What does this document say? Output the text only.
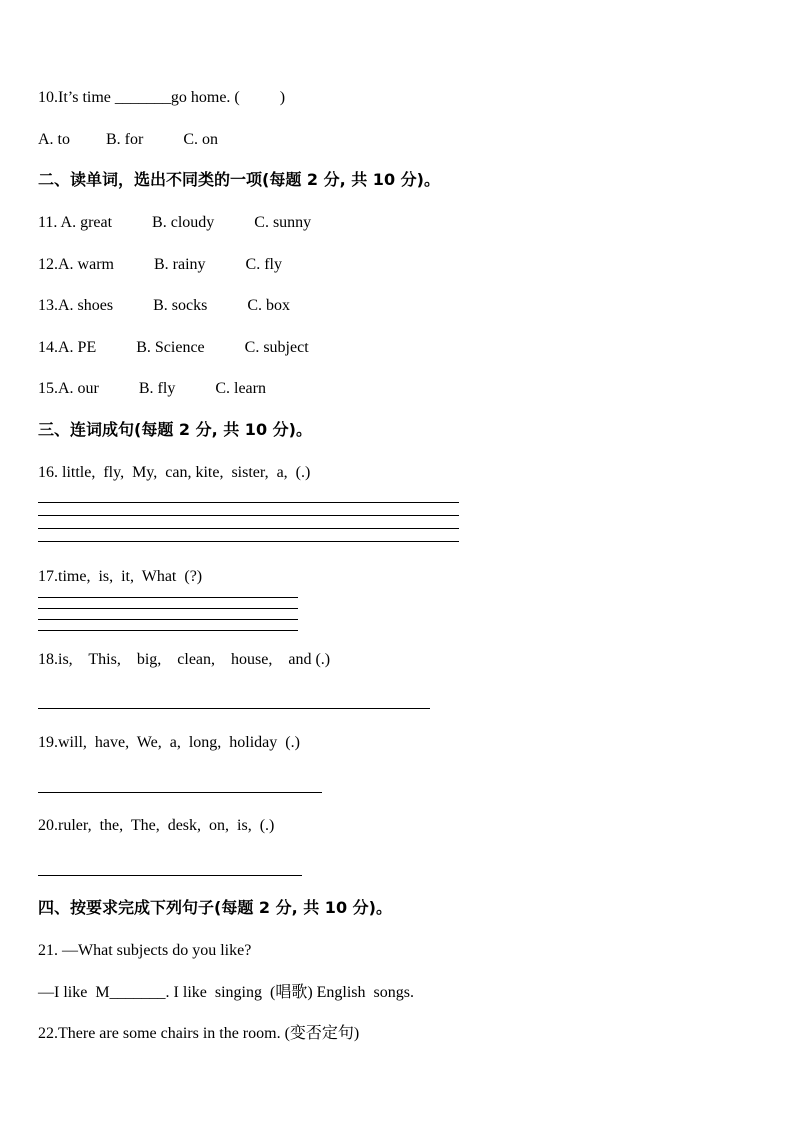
10.It’s time _______go home. (          )
A. to         B. for          C. on
二、读单词，选出不同类的一项(每题 2 分, 共 10 分)。
11. A. great          B. cloudy          C. sunny
12.A. warm          B. rainy          C. fly
13.A. shoes          B. socks          C. box
14.A. PE          B. Science          C. subject
15.A. our          B. fly          C. learn
三、连词成句(每题 2 分, 共 10 分)。
16. little,  fly,  My,  can, kite,  sister,  a,  (.)
17.time,  is,  it,  What  (?)
18.is,    This,    big,    clean,    house,    and (.)
19.will,  have,  We,  a,  long,  holiday  (.)
20.ruler,  the,  The,  desk,  on,  is,  (.)
四、按要求完成下列句子(每题 2 分, 共 10 分)。
21. —What subjects do you like?
—I like  M_______. I like  singing  (唱歌) English  songs.
22.There are some chairs in the room. (变否定句)
